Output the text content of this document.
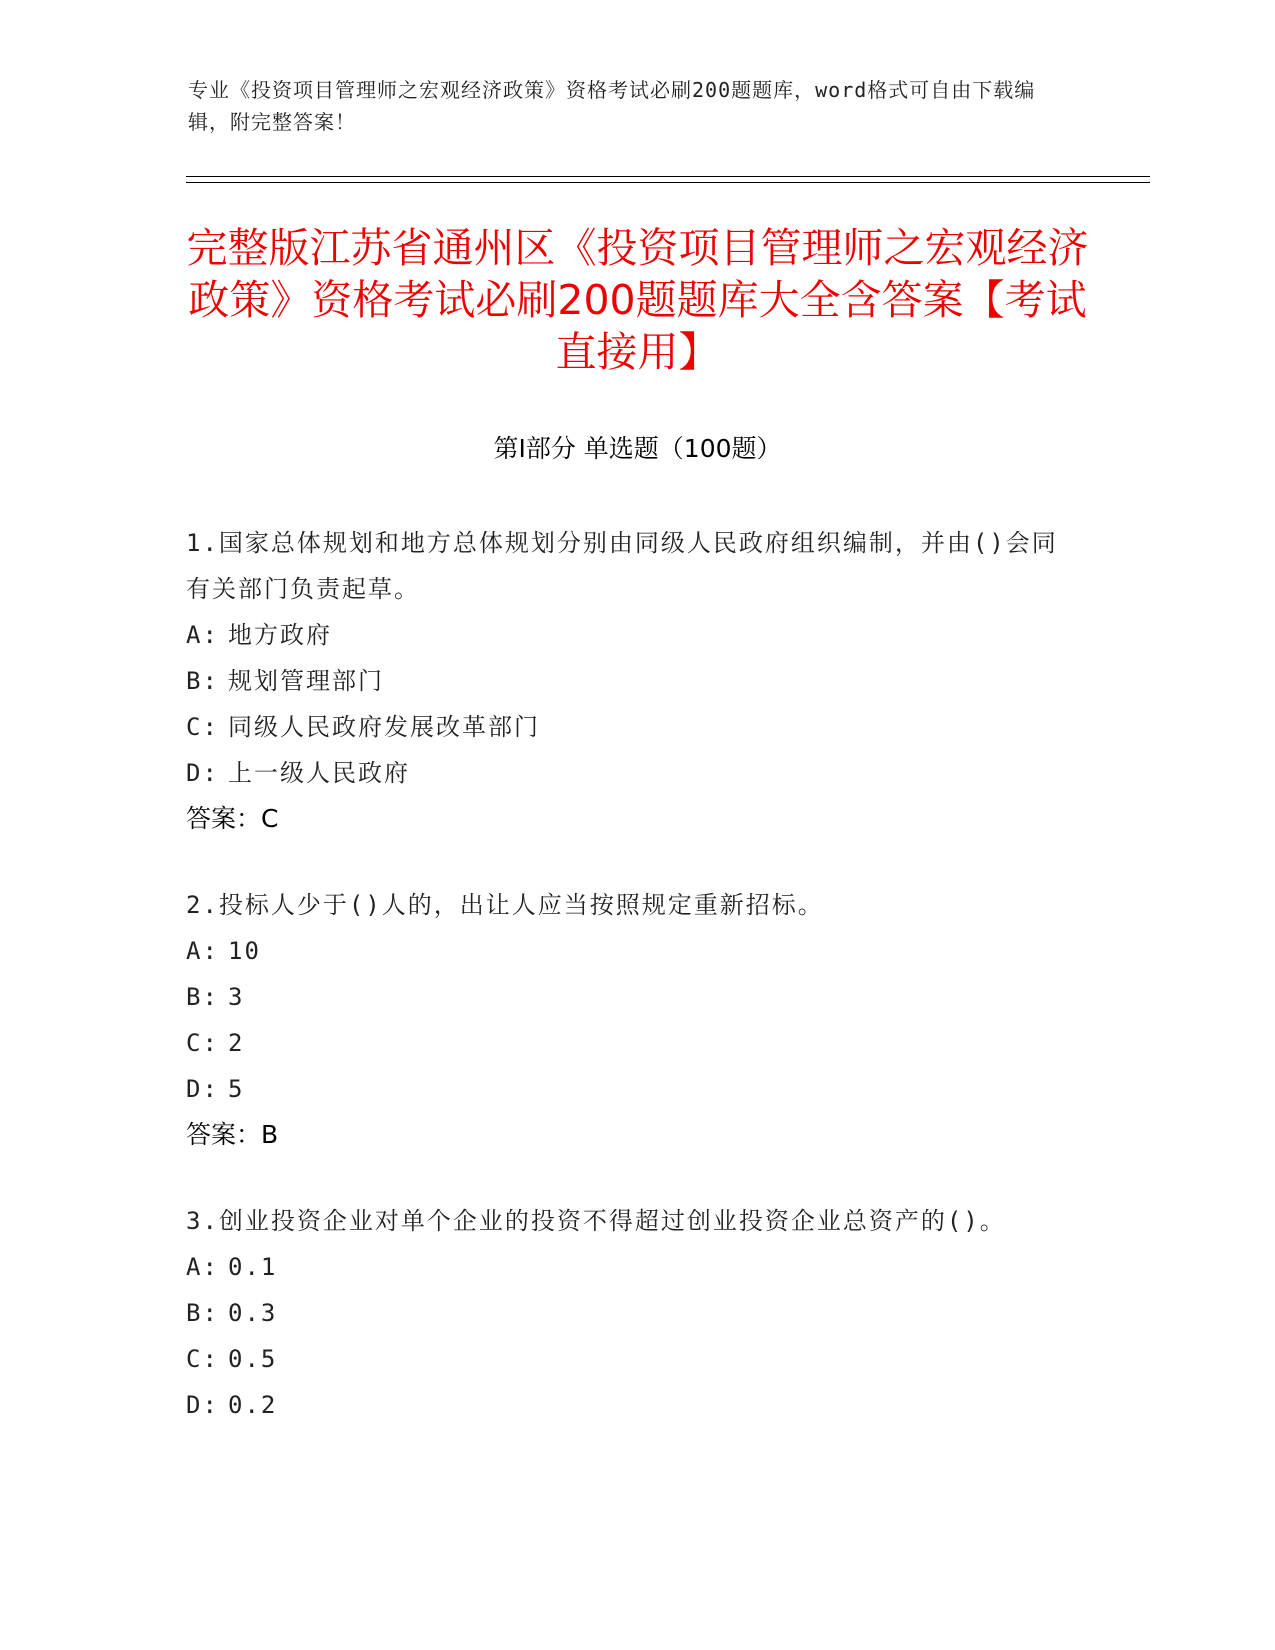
专业《投资项目管理师之宏观经济政策》资格考试必刷200题题库，word格式可自由下载编辑，附完整答案！
完整版江苏省通州区《投资项目管理师之宏观经济政策》资格考试必刷200题题库大全含答案【考试直接用】
第Ⅰ部分 单选题（100题）
1.国家总体规划和地方总体规划分别由同级人民政府组织编制，并由()会同有关部门负责起草。
A: 地方政府
B: 规划管理部门
C: 同级人民政府发展改革部门
D: 上一级人民政府
答案：C
2.投标人少于()人的，出让人应当按照规定重新招标。
A: 10
B: 3
C: 2
D: 5
答案：B
3.创业投资企业对单个企业的投资不得超过创业投资企业总资产的()。
A: 0.1
B: 0.3
C: 0.5
D: 0.2
